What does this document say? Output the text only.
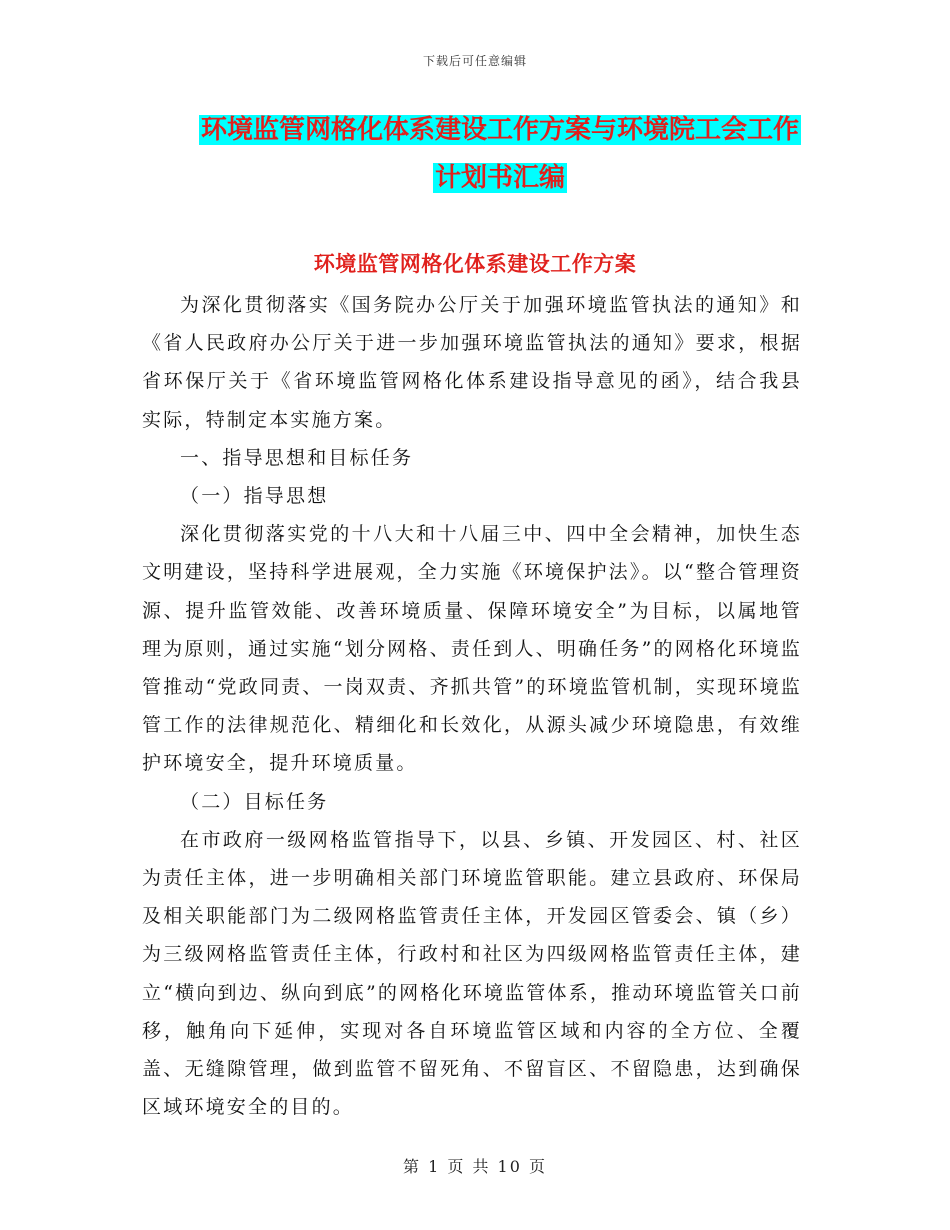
下载后可任意编辑
环境监管网格化体系建设工作方案与环境院工会工作
计划书汇编
环境监管网格化体系建设工作方案

为深化贯彻落实《国务院办公厅关于加强环境监管执法的通知》和《省人民政府办公厅关于进一步加强环境监管执法的通知》要求，根据省环保厅关于《省环境监管网格化体系建设指导意见的函》，结合我县实际，特制定本实施方案。

一、指导思想和目标任务

（一）指导思想

深化贯彻落实党的十八大和十八届三中、四中全会精神，加快生态文明建设，坚持科学进展观，全力实施《环境保护法》。以“整合管理资源、提升监管效能、改善环境质量、保障环境安全”为目标，以属地管理为原则，通过实施“划分网格、责任到人、明确任务”的网格化环境监管推动“党政同责、一岗双责、齐抓共管”的环境监管机制，实现环境监管工作的法律规范化、精细化和长效化，从源头减少环境隐患，有效维护环境安全，提升环境质量。

（二）目标任务

在市政府一级网格监管指导下，以县、乡镇、开发园区、村、社区为责任主体，进一步明确相关部门环境监管职能。建立县政府、环保局及相关职能部门为二级网格监管责任主体，开发园区管委会、镇（乡）为三级网格监管责任主体，行政村和社区为四级网格监管责任主体，建立“横向到边、纵向到底”的网格化环境监管体系，推动环境监管关口前移，触角向下延伸，实现对各自环境监管区域和内容的全方位、全覆盖、无缝隙管理，做到监管不留死角、不留盲区、不留隐患，达到确保区域环境安全的目的。

第 1 页 共 10 页
